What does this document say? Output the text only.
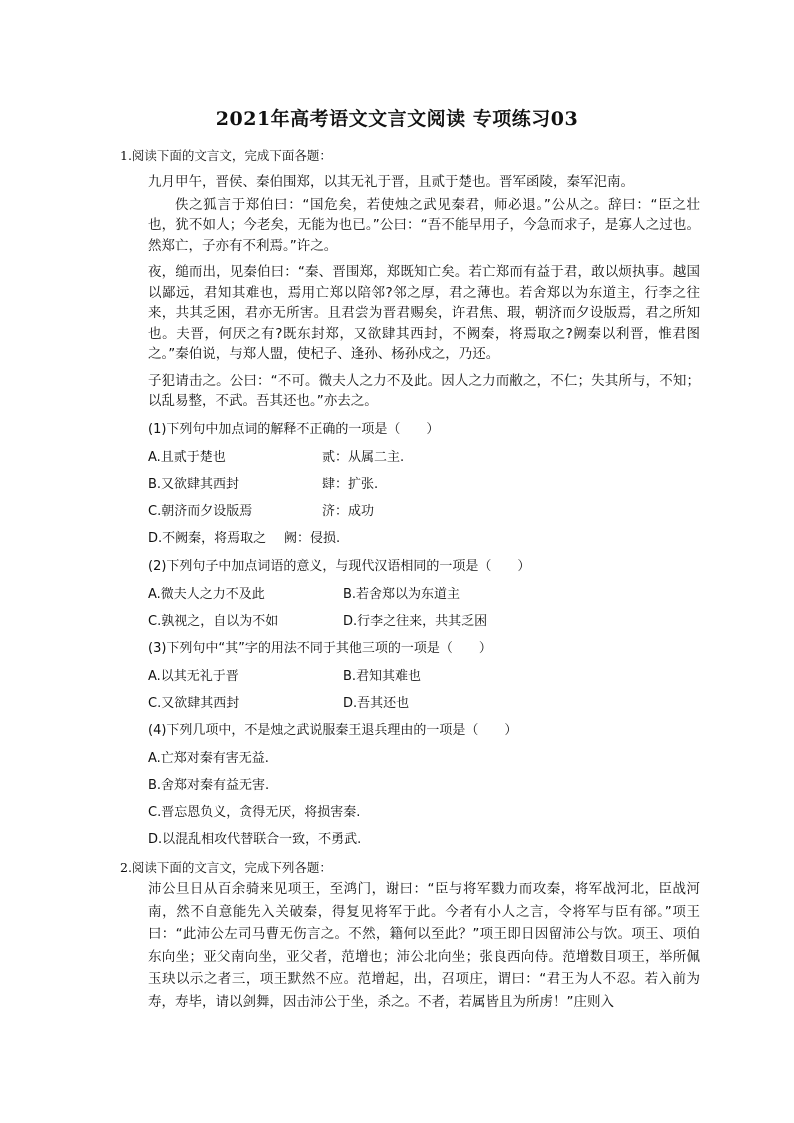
2021年高考语文文言文阅读 专项练习03
1.阅读下面的文言文，完成下面各题：

九月甲午，晋侯、秦伯围郑，以其无礼于晋，且贰于楚也。晋军函陵，秦军汜南。

佚之狐言于郑伯曰：“国危矣，若使烛之武见秦君，师必退。”公从之。辞曰：“臣之壮也，犹不如人；今老矣，无能为也已。”公曰：“吾不能早用子，今急而求子，是寡人之过也。然郑亡，子亦有不利焉。”许之。

夜，缒而出，见秦伯曰：“秦、晋围郑，郑既知亡矣。若亡郑而有益于君，敢以烦执事。越国以鄙远，君知其难也，焉用亡郑以陪邻?邻之厚，君之薄也。若舍郑以为东道主，行李之往来，共其乏困，君亦无所害。且君尝为晋君赐矣，许君焦、瑕，朝济而夕设版焉，君之所知也。夫晋，何厌之有?既东封郑，又欲肆其西封，不阙秦，将焉取之?阙秦以利晋，惟君图之。”秦伯说，与郑人盟，使杞子、逢孙、杨孙戍之，乃还。

子犯请击之。公曰：“不可。微夫人之力不及此。因人之力而敝之，不仁；失其所与，不知；以乱易整，不武。吾其还也。”亦去之。

(1)下列句中加点词的解释不正确的一项是（　　）
A.且贰于楚也	贰：从属二主.
B.又欲肆其西封	肆：扩张.
C.朝济而夕设版焉	济：成功
D.不阙秦，将焉取之 阙：侵损.
(2)下列句子中加点词语的意义，与现代汉语相同的一项是（　　）
A.微夫人之力不及此	B.若舍郑以为东道主
C.孰视之，自以为不如	D.行李之往来，共其乏困
(3)下列句中“其”字的用法不同于其他三项的一项是（　　）
A.以其无礼于晋	B.君知其难也
C.又欲肆其西封	D.吾其还也
(4)下列几项中，不是烛之武说服秦王退兵理由的一项是（　　）
A.亡郑对秦有害无益.
B.舍郑对秦有益无害.
C.晋忘恩负义，贪得无厌，将损害秦.
D.以混乱相攻代替联合一致，不勇武.
2.阅读下面的文言文，完成下列各题：

沛公旦日从百余骑来见项王，至鸿门，谢曰：“臣与将军戮力而攻秦，将军战河北，臣战河南，然不自意能先入关破秦，得复见将军于此。今者有小人之言，令将军与臣有郤。”项王曰：“此沛公左司马曹无伤言之。不然，籍何以至此？”项王即日因留沛公与饮。项王、项伯东向坐；亚父南向坐，亚父者，范增也；沛公北向坐；张良西向侍。范增数目项王，举所佩玉玦以示之者三，项王默然不应。范增起，出，召项庄，谓曰：“君王为人不忍。若入前为寿，寿毕，请以剑舞，因击沛公于坐，杀之。不者，若属皆且为所虏！”庄则入
